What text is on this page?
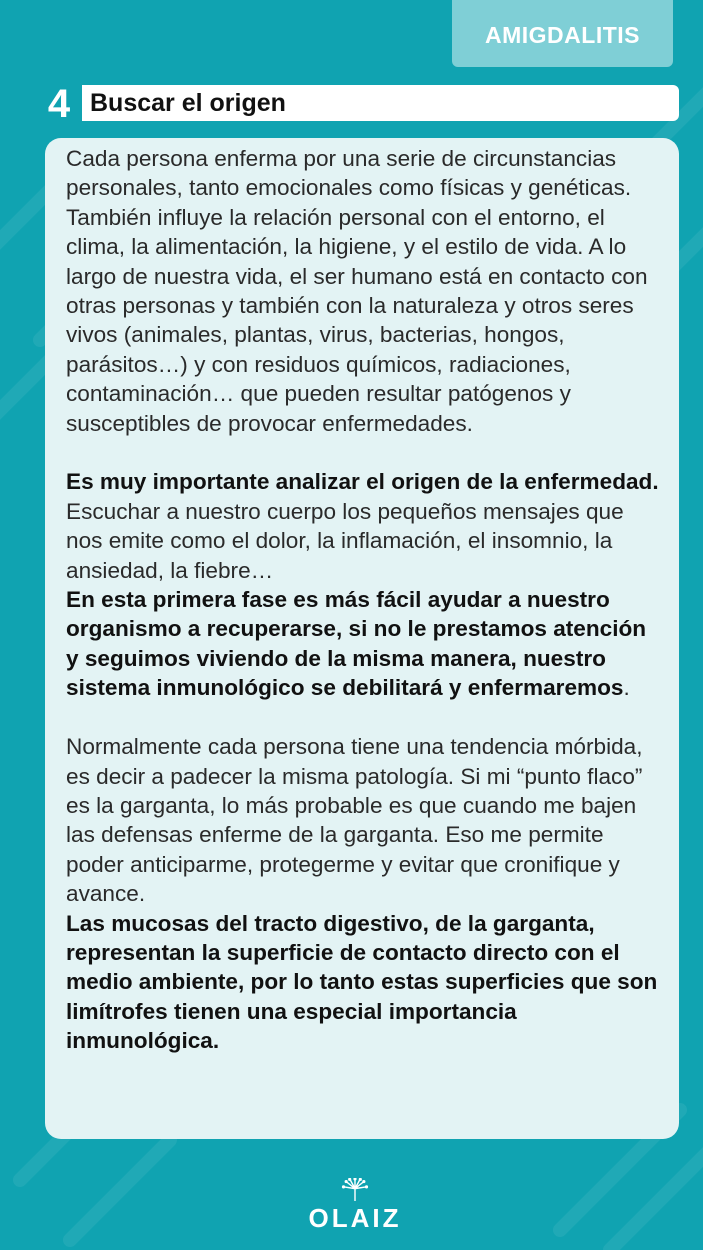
AMIGDALITIS
4 Buscar el origen

Cada persona enferma por una serie de circunstancias personales, tanto emocionales como físicas y genéticas. También influye la relación personal con el entorno, el clima, la alimentación, la higiene, y el estilo de vida. A lo largo de nuestra vida, el ser humano está en contacto con otras personas y también con la naturaleza y otros seres vivos (animales, plantas, virus, bacterias, hongos, parásitos…) y con residuos químicos, radiaciones, contaminación… que pueden resultar patógenos y susceptibles de provocar enfermedades.

Es muy importante analizar el origen de la enfermedad. Escuchar a nuestro cuerpo los pequeños mensajes que nos emite como el dolor, la inflamación, el insomnio, la ansiedad, la fiebre…
En esta primera fase es más fácil ayudar a nuestro organismo a recuperarse, si no le prestamos atención y seguimos viviendo de la misma manera, nuestro sistema inmunológico se debilitará y enfermaremos.

Normalmente cada persona tiene una tendencia mórbida, es decir a padecer la misma patología. Si mi “punto flaco” es la garganta, lo más probable es que cuando me bajen las defensas enferme de la garganta. Eso me permite poder anticiparme, protegerme y evitar que cronifique y avance.
Las mucosas del tracto digestivo, de la garganta, representan la superficie de contacto directo con el medio ambiente, por lo tanto estas superficies que son limítrofes tienen una especial importancia inmunológica.

OLAIZ
